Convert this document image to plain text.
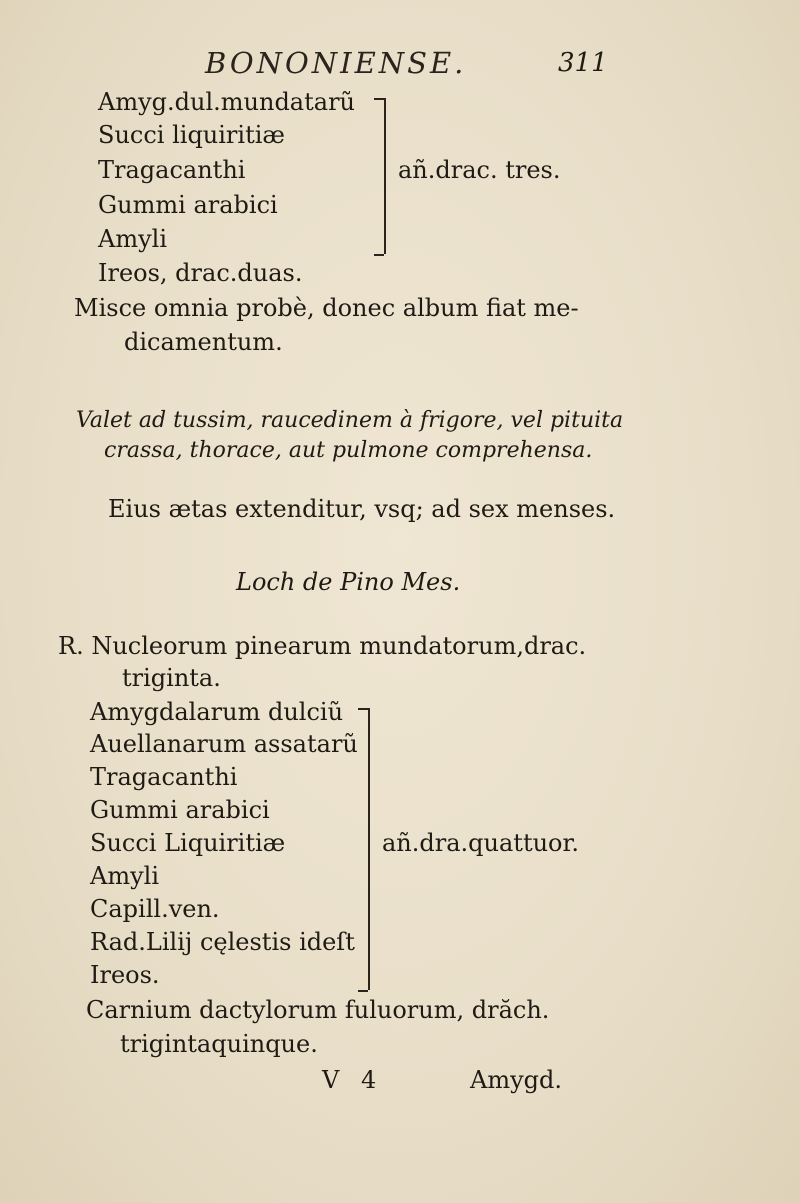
BONONIENSE.	311
Amyg.dul.mundatarũ
Succi liquiritiæ
Tragacanthi
Gummi arabici
Amyli
añ.drac. tres.
Ireos, drac.duas.
Misce omnia probè, donec album fiat me-
dicamentum.
Valet ad tussim, raucedinem à frigore, vel pituita
crassa, thorace, aut pulmone comprehensa.
Eius ætas extenditur, vsq; ad sex menses.
Loch de Pino Mes.
R. Nucleorum pinearum mundatorum,drac.
triginta.
Amygdalarum dulciũ
Auellanarum assatarũ
Tragacanthi
Gummi arabici
Succi Liquiritiæ
Amyli
Capill.ven.
Rad.Lilij cęlestis ideſt
Ireos.
añ.dra.quattuor.
Carnium dactylorum fuluorum, drăch.
trigintaquinque.
V 4	Amygd.
